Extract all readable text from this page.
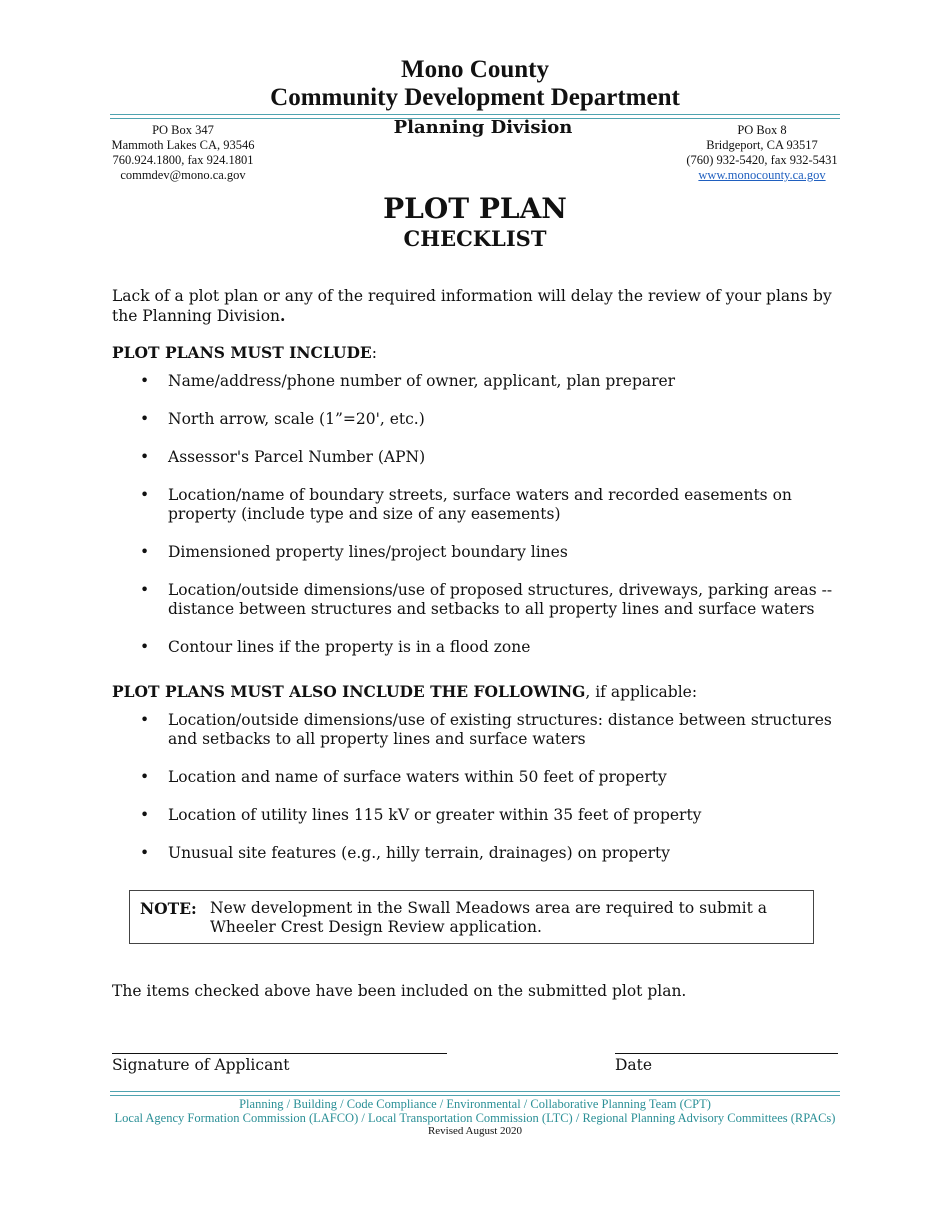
Mono County
Community Development Department
Planning Division
PO Box 347
Mammoth Lakes CA, 93546
760.924.1800, fax 924.1801
commdev@mono.ca.gov
PO Box 8
Bridgeport, CA 93517
(760) 932-5420, fax 932-5431
www.monocounty.ca.gov
PLOT PLAN
CHECKLIST
Lack of a plot plan or any of the required information will delay the review of your plans by the Planning Division.
PLOT PLANS MUST INCLUDE:
• Name/address/phone number of owner, applicant, plan preparer
• North arrow, scale (1”=20', etc.)
• Assessor's Parcel Number (APN)
• Location/name of boundary streets, surface waters and recorded easements on property (include type and size of any easements)
• Dimensioned property lines/project boundary lines
• Location/outside dimensions/use of proposed structures, driveways, parking areas -- distance between structures and setbacks to all property lines and surface waters
• Contour lines if the property is in a flood zone
PLOT PLANS MUST ALSO INCLUDE THE FOLLOWING, if applicable:
• Location/outside dimensions/use of existing structures: distance between structures and setbacks to all property lines and surface waters
• Location and name of surface waters within 50 feet of property
• Location of utility lines 115 kV or greater within 35 feet of property
• Unusual site features (e.g., hilly terrain, drainages) on property
NOTE: New development in the Swall Meadows area are required to submit a Wheeler Crest Design Review application.
The items checked above have been included on the submitted plot plan.
Signature of Applicant	Date
Planning / Building / Code Compliance / Environmental / Collaborative Planning Team (CPT)
Local Agency Formation Commission (LAFCO) / Local Transportation Commission (LTC) / Regional Planning Advisory Committees (RPACs)
Revised August 2020
